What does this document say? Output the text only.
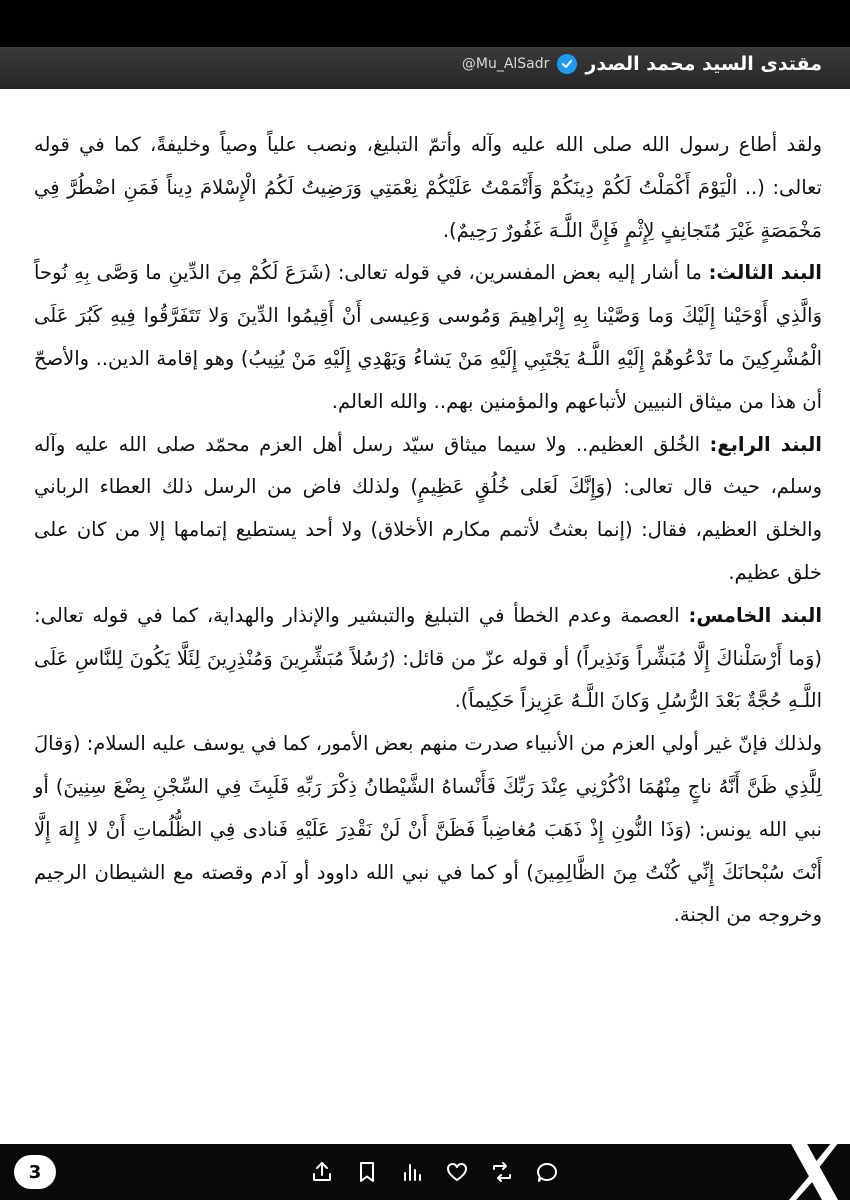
مقتدى السيد محمد الصدر
@Mu_AlSadr

ولقد أطاع رسول الله صلى الله عليه وآله وأتمّ التبليغ، ونصب علياً وصياً وخليفةً، كما في قوله تعالى: (.. الْيَوْمَ أَكْمَلْتُ لَكُمْ دِينَكُمْ وَأَتْمَمْتُ عَلَيْكُمْ نِعْمَتِي وَرَضِيتُ لَكُمُ الْإِسْلامَ دِيناً فَمَنِ اضْطُرَّ فِي مَخْمَصَةٍ غَيْرَ مُتَجانِفٍ لِإِثْمٍ فَإِنَّ اللَّـهَ غَفُورٌ رَحِيمٌ).

البند الثالث: ما أشار إليه بعض المفسرين، في قوله تعالى: (شَرَعَ لَكُمْ مِنَ الدِّينِ ما وَصَّى بِهِ نُوحاً وَالَّذِي أَوْحَيْنا إِلَيْكَ وَما وَصَّيْنا بِهِ إِبْراهِيمَ وَمُوسى وَعِيسى أَنْ أَقِيمُوا الدِّينَ وَلا تَتَفَرَّقُوا فِيهِ كَبُرَ عَلَى الْمُشْرِكِينَ ما تَدْعُوهُمْ إِلَيْهِ اللَّـهُ يَجْتَبِي إِلَيْهِ مَنْ يَشاءُ وَيَهْدِي إِلَيْهِ مَنْ يُنِيبُ) وهو إقامة الدين.. والأصحّ أن هذا من ميثاق النبيين لأتباعهم والمؤمنين بهم.. والله العالم.

البند الرابع: الخُلق العظيم.. ولا سيما ميثاق سيّد رسل أهل العزم محمّد صلى الله عليه وآله وسلم، حيث قال تعالى: (وَإِنَّكَ لَعَلى خُلُقٍ عَظِيمٍ) ولذلك فاض من الرسل ذلك العطاء الرباني والخلق العظيم، فقال: (إنما بعثتُ لأتمم مكارم الأخلاق) ولا أحد يستطيع إتمامها إلا من كان على خلق عظيم.

البند الخامس: العصمة وعدم الخطأ في التبليغ والتبشير والإنذار والهداية، كما في قوله تعالى: (وَما أَرْسَلْناكَ إِلَّا مُبَشِّراً وَنَذِيراً) أو قوله عزّ من قائل: (رُسُلاً مُبَشِّرِينَ وَمُنْذِرِينَ لِئَلَّا يَكُونَ لِلنَّاسِ عَلَى اللَّـهِ حُجَّةٌ بَعْدَ الرُّسُلِ وَكانَ اللَّـهُ عَزِيزاً حَكِيماً).

ولذلك فإنّ غير أولي العزم من الأنبياء صدرت منهم بعض الأمور، كما في يوسف عليه السلام: (وَقالَ لِلَّذِي ظَنَّ أَنَّهُ ناجٍ مِنْهُمَا اذْكُرْنِي عِنْدَ رَبِّكَ فَأَنْساهُ الشَّيْطانُ ذِكْرَ رَبِّهِ فَلَبِثَ فِي السِّجْنِ بِضْعَ سِنِينَ) أو نبي الله يونس: (وَذَا النُّونِ إِذْ ذَهَبَ مُغاضِباً فَظَنَّ أَنْ لَنْ نَقْدِرَ عَلَيْهِ فَنادى فِي الظُّلُماتِ أَنْ لا إِلهَ إِلَّا أَنْتَ سُبْحانَكَ إِنِّي كُنْتُ مِنَ الظَّالِمِينَ) أو كما في نبي الله داوود أو آدم وقصته مع الشيطان الرجيم وخروجه من الجنة.

3
